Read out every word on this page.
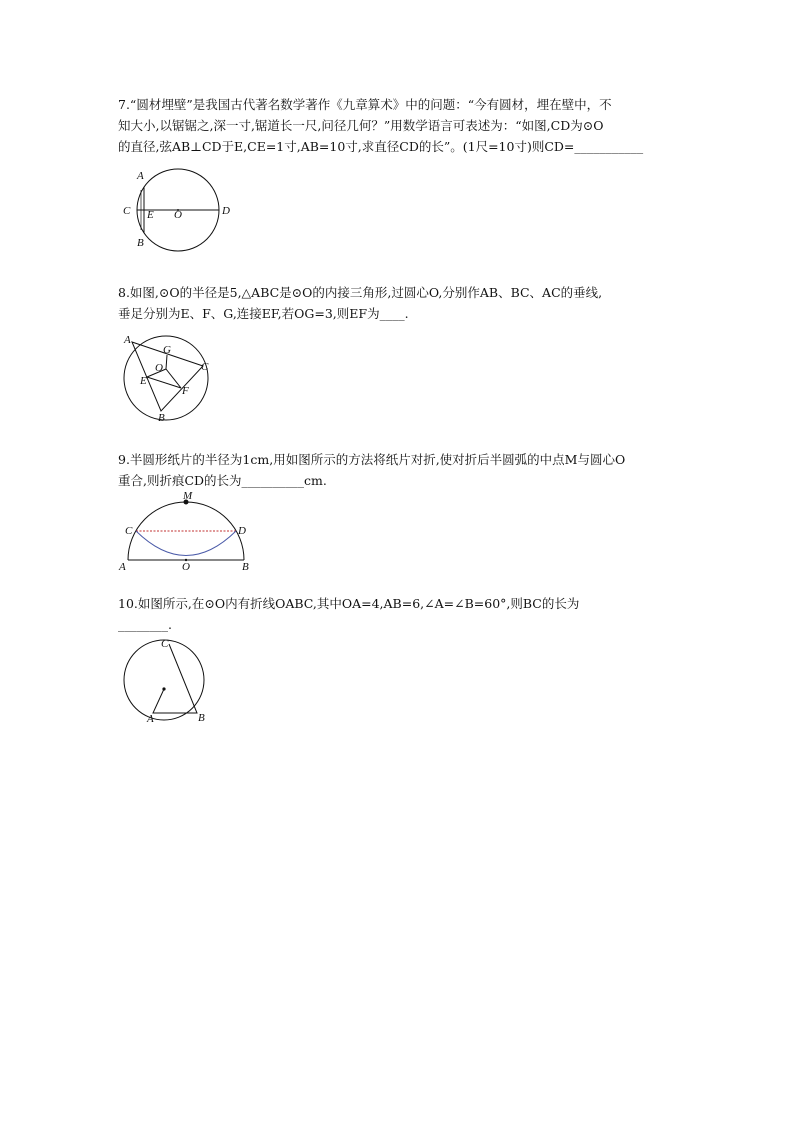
7.“圆材埋壁”是我国古代著名数学著作《九章算术》中的问题：“今有圆材，埋在壁中，不
知大小,以锯锯之,深一寸,锯道长一尺,问径几何？”用数学语言可表述为：“如图,CD为⊙O
的直径,弦AB⊥CD于E,CE=1寸,AB=10寸,求直径CD的长”。(1尺=10寸)则CD=___________
A
C E O	D
B
8.如图,⊙O的半径是5,△ABC是⊙O的内接三角形,过圆心O,分别作AB、BC、AC的垂线,
垂足分别为E、F、G,连接EF,若OG=3,则EF为____.
A
G
C
O
E
F
B
9.半圆形纸片的半径为1cm,用如图所示的方法将纸片对折,使对折后半圆弧的中点M与圆心O
重合,则折痕CD的长为__________cm.
M
C	D
A	O	B
10.如图所示,在⊙O内有折线OABC,其中OA=4,AB=6,∠A=∠B=60°,则BC的长为
________.
C
A	B
